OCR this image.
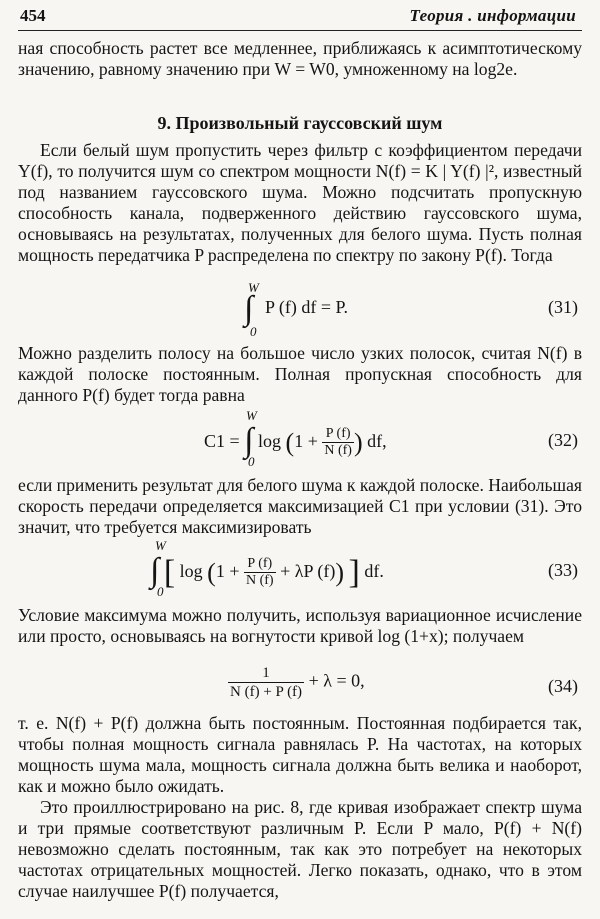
454	Теория . информации
ная способность растет все медленнее, приближаясь к асимптотическому значению, равному значению при W = W0, умноженному на log2e.
9. Произвольный гауссовский шум
Если белый шум пропустить через фильтр с коэффициентом передачи Y(f), то получится шум со спектром мощности N(f) = K | Y(f) |², известный под названием гауссовского шума. Можно подсчитать пропускную способность канала, подверженного действию гауссовского шума, основываясь на результатах, полученных для белого шума. Пусть полная мощность передатчика P распределена по спектру по закону P(f). Тогда
W
∫
0
P (f) df = P.	(31)
Можно разделить полосу на большое число узких полосок, считая N(f) в каждой полоске постоянным. Полная пропускная способность для данного P(f) будет тогда равна
W
0
C1 = ∫ $\log (1 + \frac{P (f)}{N (f)}$ ) df,	(32)
если применить результат для белого шума к каждой полоске. Наибольшая скорость передачи определяется максимизацией C1 при условии (31). Это значит, что требуется максимизировать
W
0
∫ [ $\log (1 + \frac{P (f)}{N (f)} + \lambda P$ (f)) ] df.	(33)
Условие максимума можно получить, используя вариационное исчисление или просто, основываясь на вогнутости кривой log (1+x); получаем
$\frac{1}{N (f) + P (f)} + \lambda = 0$,	(34)
т. е. N(f) + P(f) должна быть постоянным. Постоянная подбирается так, чтобы полная мощность сигнала равнялась P. На частотах, на которых мощность шума мала, мощность сигнала должна быть велика и наоборот, как и можно было ожидать.
Это проиллюстрировано на рис. 8, где кривая изображает спектр шума и три прямые соответствуют различным P. Если P мало, P(f) + N(f) невозможно сделать постоянным, так как это потребует на некоторых частотах отрицательных мощностей. Легко показать, однако, что в этом случае наилучшее P(f) получается,
